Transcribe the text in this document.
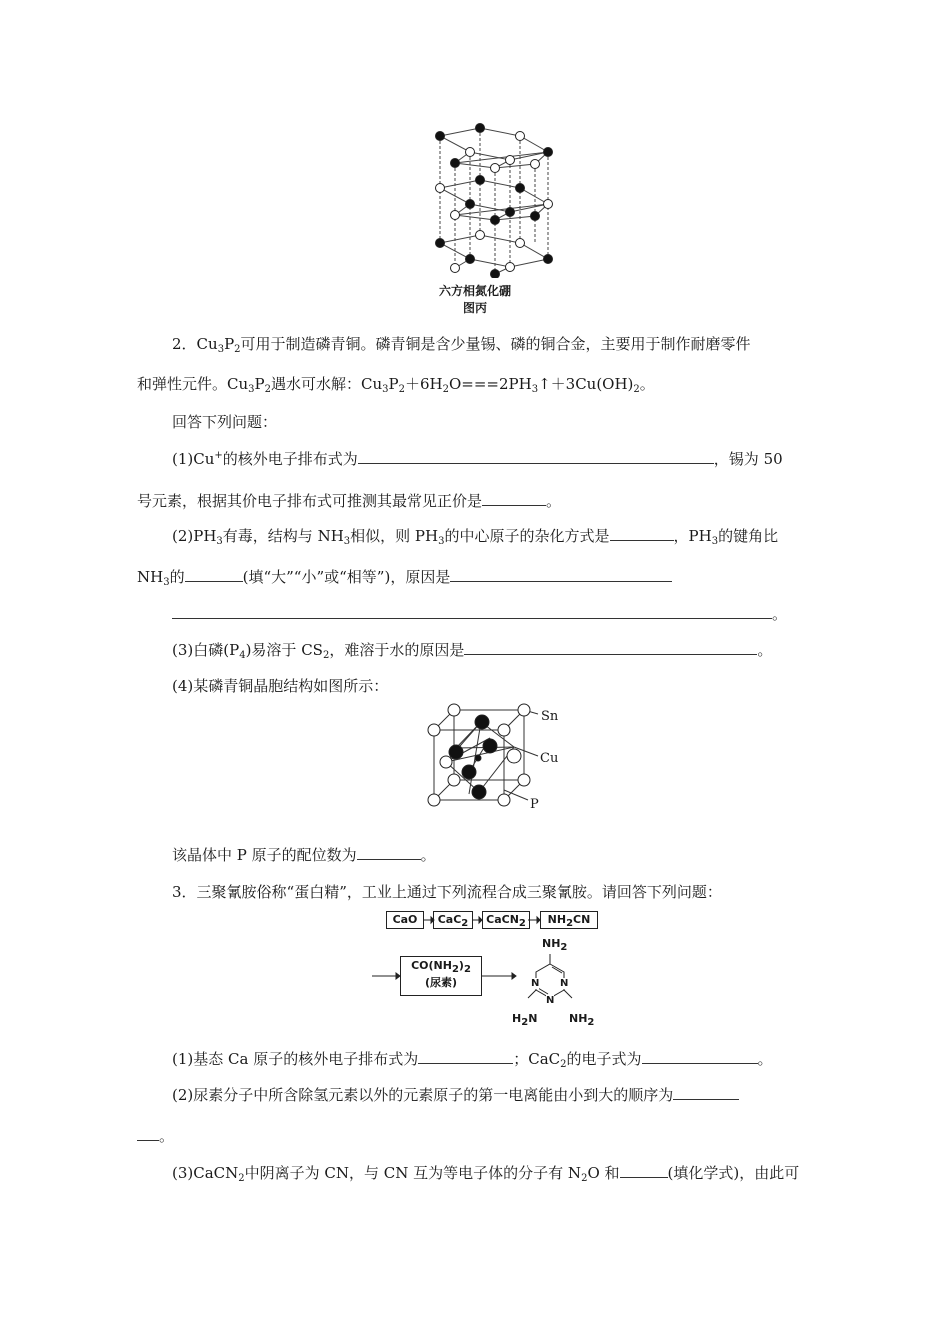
六方相氮化硼
图丙
2．$Cu_3P_2$可用于制造磷青铜。磷青铜是含少量锡、磷的铜合金，主要用于制作耐磨零件
和弹性元件。$Cu_3P_2$遇水可水解：$Cu_3P_2+6H_2O===2PH_3↑+3Cu(OH)_2$。
回答下列问题：
(1)Cu+的核外电子排布式为	，锡为 50
号元素，根据其价电子排布式可推测其最常见正价是	。
$(2)PH_3$有毒，结构与 $NH_3$相似，则 $PH_3$的中心原子的杂化方式是	，$PH_3$的键角比
$NH_3$的	(填“大”“小”或“相等”)，原因是
。
(3)白磷$(P_4)$易溶于 $CS_2$，难溶于水的原因是	。
(4)某磷青铜晶胞结构如图所示：
Sn
Cu
P
该晶体中 P 原子的配位数为	。
3．三聚氰胺俗称“蛋白精”，工业上通过下列流程合成三聚氰胺。请回答下列问题：
CaO	CaC$_2$	CaCN$_2$	$NH_2CN$
$CO(NH_2)_2$
(尿素)
$NH_2$
$H_2N$	$NH_2$
N N
N
(1)基态 Ca 原子的核外电子排布式为	；CaC$_2$的电子式为	。
(2)尿素分子中所含除氢元素以外的元素原子的第一电离能由小到大的顺序为
。
(3)CaCN$_2$中阴离子为 CN，与 CN 互为等电子体的分子有 $N_2O$ 和	(填化学式)，由此可
